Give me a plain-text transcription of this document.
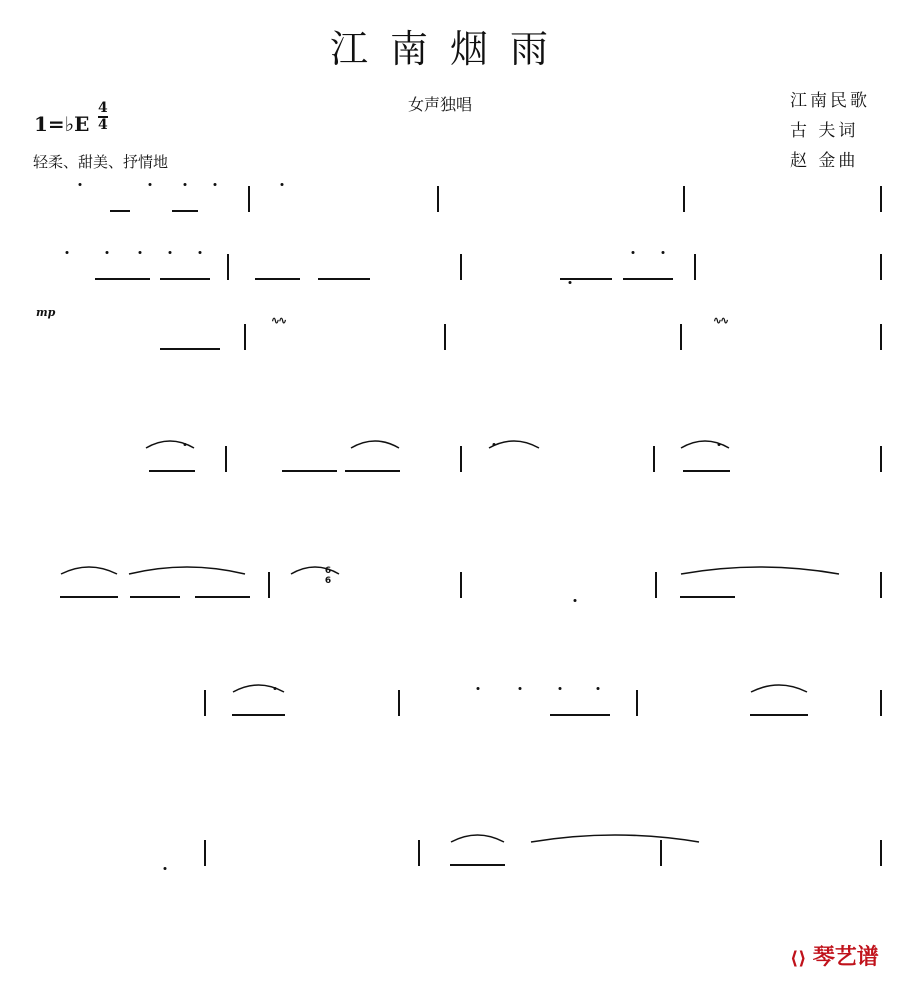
江南烟雨
女声独唱
1=♭E
4
4
轻柔、甜美、抒情地
江南民歌
古 夫词
赵 金曲
mp
⟨⟩ 琴艺谱
∿∿	∿∿
6
6
